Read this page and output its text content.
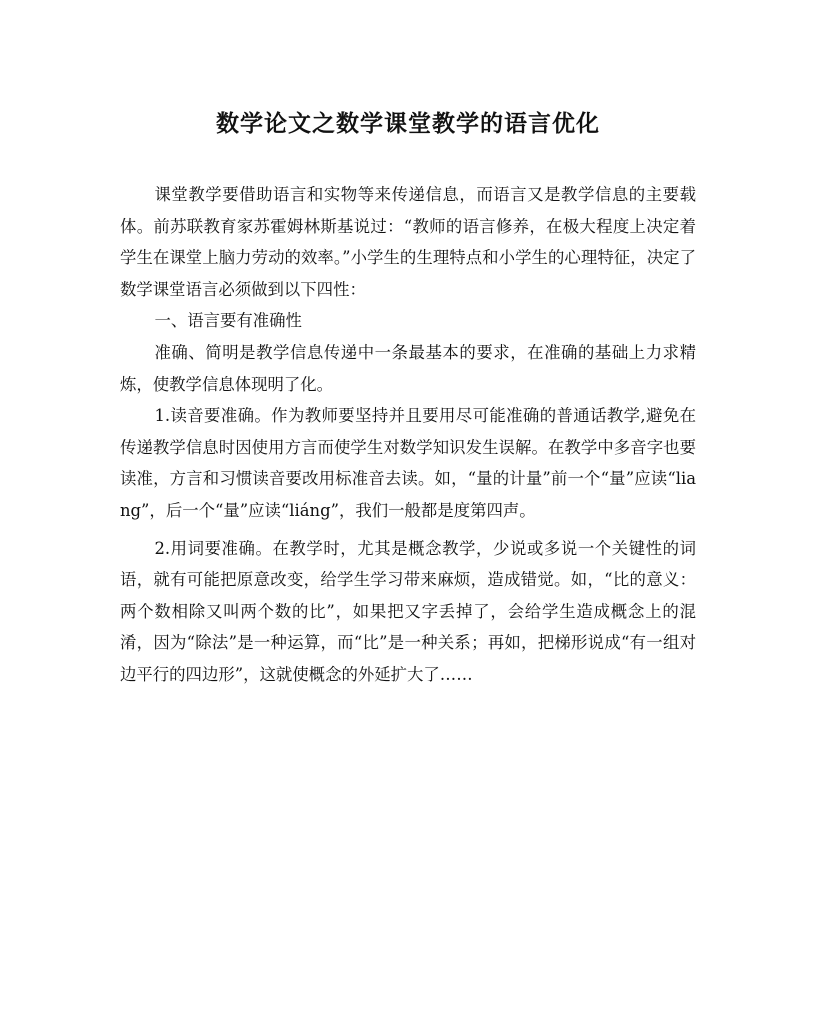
数学论文之数学课堂教学的语言优化

课堂教学要借助语言和实物等来传递信息，而语言又是教学信息的主要载体。前苏联教育家苏霍姆林斯基说过：“教师的语言修养，在极大程度上决定着学生在课堂上脑力劳动的效率。”小学生的生理特点和小学生的心理特征，决定了数学课堂语言必须做到以下四性：

一、语言要有准确性

准确、简明是教学信息传递中一条最基本的要求，在准确的基础上力求精炼，使教学信息体现明了化。

1.读音要准确。作为教师要坚持并且要用尽可能准确的普通话教学,避免在传递教学信息时因使用方言而使学生对数学知识发生误解。在教学中多音字也要读准，方言和习惯读音要改用标准音去读。如，“量的计量”前一个“量”应读“liang”，后一个“量”应读“liáng”，我们一般都是度第四声。

2.用词要准确。在教学时，尤其是概念教学，少说或多说一个关键性的词语，就有可能把原意改变，给学生学习带来麻烦，造成错觉。如，“比的意义：两个数相除又叫两个数的比”，如果把又字丢掉了，会给学生造成概念上的混淆，因为“除法”是一种运算，而“比”是一种关系；再如，把梯形说成“有一组对边平行的四边形”，这就使概念的外延扩大了……
